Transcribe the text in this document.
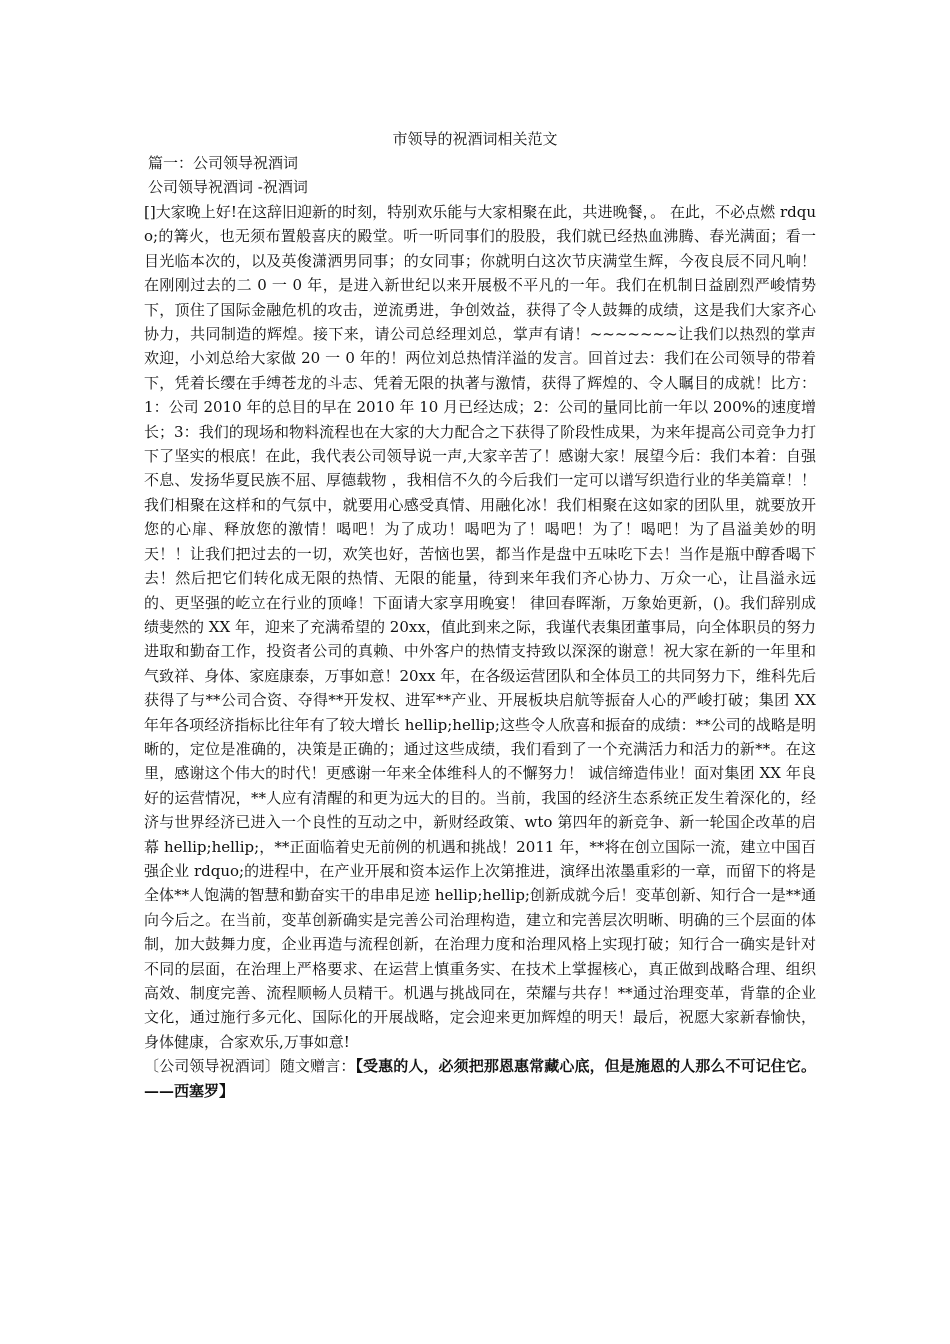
市领导的祝酒词相关范文
篇一：公司领导祝酒词
公司领导祝酒词 -祝酒词

[]大家晚上好!在这辞旧迎新的时刻，特别欢乐能与大家相聚在此，共进晚餐，。 在此，不必点燃 rdquo;的篝火，也无须布置般喜庆的殿堂。听一听同事们的股股，我们就已经热血沸腾、春光满面；看一目光临本次的，以及英俊潇洒男同事；的女同事；你就明白这次节庆满堂生辉，今夜良辰不同凡响！在刚刚过去的二 0 一 0 年，是进入新世纪以来开展极不平凡的一年。我们在机制日益剧烈严峻情势下，顶住了国际金融危机的攻击，逆流勇进，争创效益，获得了令人鼓舞的成绩，这是我们大家齐心协力，共同制造的辉煌。接下来，请公司总经理刘总，掌声有请！~~~~~~~让我们以热烈的掌声欢迎，小刘总给大家做 20 一 0 年的！两位刘总热情洋溢的发言。回首过去：我们在公司领导的带着下，凭着长缨在手缚苍龙的斗志、凭着无限的执著与激情，获得了辉煌的、令人瞩目的成就！比方：1：公司 2010 年的总目的早在 2010 年 10 月已经达成；2：公司的量同比前一年以 200%的速度增长；3：我们的现场和物料流程也在大家的大力配合之下获得了阶段性成果，为来年提高公司竞争力打下了坚实的根底！在此，我代表公司领导说一声,大家辛苦了！感谢大家！展望今后：我们本着：自强不息、发扬华夏民族不屈、厚德载物 ，我相信不久的今后我们一定可以谱写织造行业的华美篇章！！我们相聚在这样和的气氛中，就要用心感受真情、用融化冰！我们相聚在这如家的团队里，就要放开您的心扉、释放您的激情！喝吧！为了成功！喝吧为了！喝吧！为了！喝吧！为了昌溢美妙的明天！！让我们把过去的一切，欢笑也好，苦恼也罢，都当作是盘中五味吃下去！当作是瓶中醇香喝下去！然后把它们转化成无限的热情、无限的能量，待到来年我们齐心协力、万众一心，让昌溢永远的、更坚强的屹立在行业的顶峰！下面请大家享用晚宴！ 律回春晖渐，万象始更新，()。我们辞别成绩斐然的 XX 年，迎来了充满希望的 20xx，值此到来之际，我谨代表集团董事局，向全体职员的努力进取和勤奋工作，投资者公司的真赖、中外客户的热情支持致以深深的谢意！祝大家在新的一年里和气致祥、身体、家庭康泰，万事如意！20xx 年，在各级运营团队和全体员工的共同努力下，维科先后获得了与**公司合资、夺得**开发权、进军**产业、开展板块启航等振奋人心的严峻打破；集团 XX 年年各项经济指标比往年有了较大增长 hellip;hellip;这些令人欣喜和振奋的成绩：**公司的战略是明晰的，定位是准确的，决策是正确的；通过这些成绩，我们看到了一个充满活力和活力的新**。在这里，感谢这个伟大的时代！更感谢一年来全体维科人的不懈努力！ 诚信缔造伟业！面对集团 XX 年良好的运营情况，**人应有清醒的和更为远大的目的。当前，我国的经济生态系统正发生着深化的，经济与世界经济已进入一个良性的互动之中，新财经政策、wto 第四年的新竞争、新一轮国企改革的启幕 hellip;hellip;，**正面临着史无前例的机遇和挑战！2011 年，**将在创立国际一流，建立中国百强企业 rdquo;的进程中，在产业开展和资本运作上次第推进，演绎出浓墨重彩的一章，而留下的将是全体**人饱满的智慧和勤奋实干的串串足迹 hellip;hellip;创新成就今后！变革创新、知行合一是**通向今后之。在当前，变革创新确实是完善公司治理构造，建立和完善层次明晰、明确的三个层面的体制，加大鼓舞力度，企业再造与流程创新，在治理力度和治理风格上实现打破；知行合一确实是针对不同的层面，在治理上严格要求、在运营上慎重务实、在技术上掌握核心，真正做到战略合理、组织高效、制度完善、流程顺畅人员精干。机遇与挑战同在，荣耀与共存！**通过治理变革，背靠的企业文化，通过施行多元化、国际化的开展战略，定会迎来更加辉煌的明天！最后，祝愿大家新春愉快，身体健康，合家欢乐,万事如意!

〔公司领导祝酒词〕随文赠言：【受惠的人，必须把那恩惠常藏心底，但是施恩的人那么不可记住它。——西塞罗】
